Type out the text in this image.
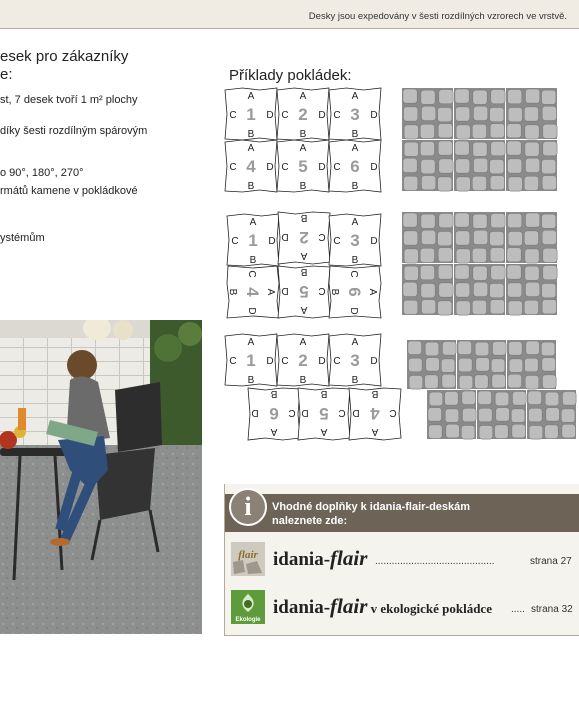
Desky jsou expedovány v šesti rozdílných vzrorech ve vrstvě.
esek pro zákazníky
e:
st, 7 desek tvoří 1 m² plochy
díky šesti rozdílným spárovým
o 90°, 180°, 270°
rmátů kamene v pokládkové
ystémům
Příklady pokládek:
A
B
C	D
1
A
B
C	D
2
A
B
C	D
3
A
B
C	D
4
A
B
C	D
5
A
B
C	D
6
A
B
C	D
1
A
B
C
D 2
A
B
C	D
3
A
B
C
D
4
A
B
C
D 5	A
B
C
D
6
A
B
C	D
1
A
B
C	D
2
A
B
C	D
3
A
B
C
D 6
A
B
C
D 5
A
B
C
D 4
i	Vhodné doplňky k idania-flair-deskám
naleznete zde:
flair idania-flair ...........................................	strana 27
Ekologie
idania-flair v ekologické pokládce ..... strana 32
